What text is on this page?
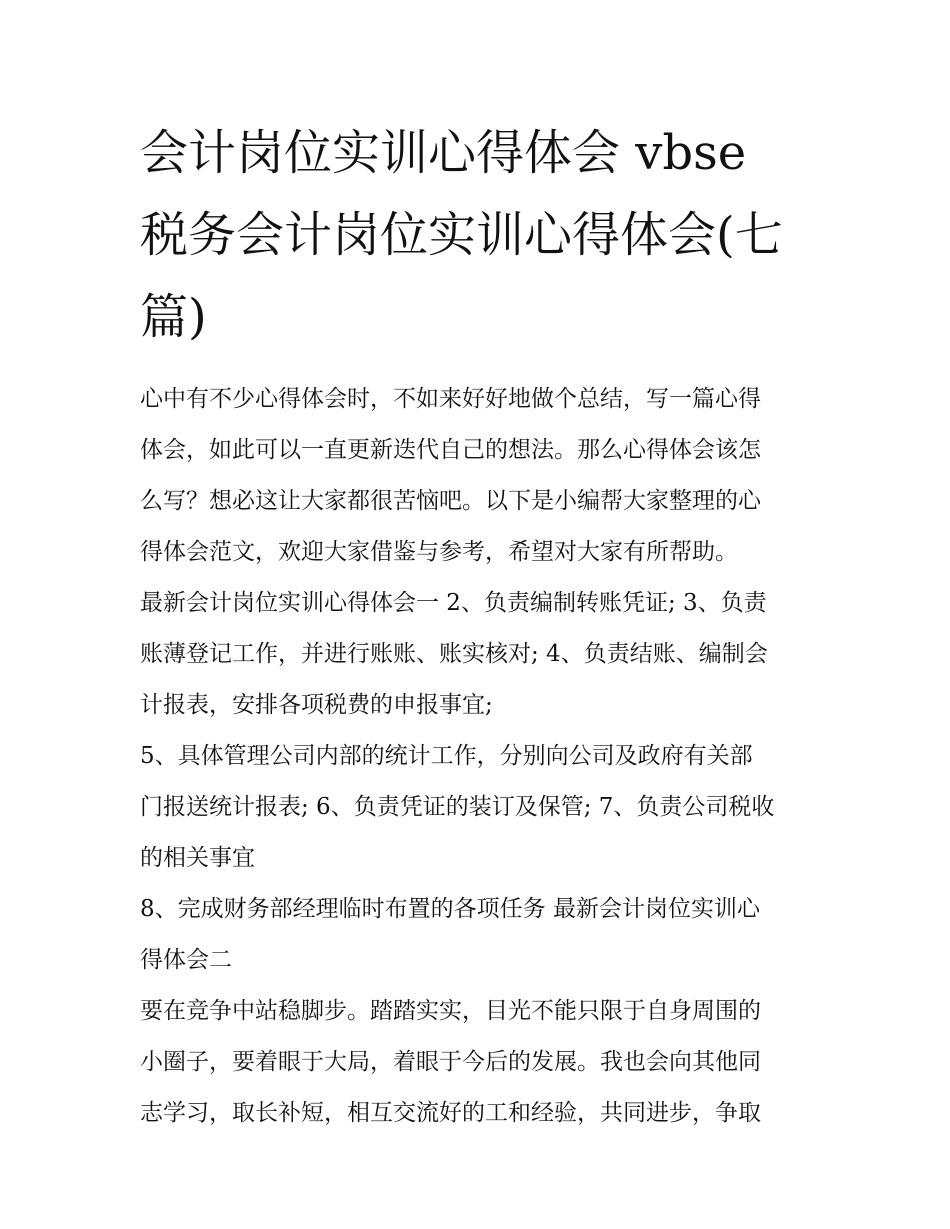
会计岗位实训心得体会 vbse
税务会计岗位实训心得体会(七
篇)

心中有不少心得体会时，不如来好好地做个总结，写一篇心得
体会，如此可以一直更新迭代自己的想法。那么心得体会该怎
么写？想必这让大家都很苦恼吧。以下是小编帮大家整理的心
得体会范文，欢迎大家借鉴与参考，希望对大家有所帮助。

最新会计岗位实训心得体会一 2、负责编制转账凭证; 3、负责
账薄登记工作，并进行账账、账实核对; 4、负责结账、编制会
计报表，安排各项税费的申报事宜;

5、具体管理公司内部的统计工作，分别向公司及政府有关部
门报送统计报表; 6、负责凭证的装订及保管; 7、负责公司税收
的相关事宜

8、完成财务部经理临时布置的各项任务 最新会计岗位实训心
得体会二

要在竞争中站稳脚步。踏踏实实，目光不能只限于自身周围的
小圈子，要着眼于大局，着眼于今后的发展。我也会向其他同
志学习，取长补短，相互交流好的工和经验，共同进步，争取
